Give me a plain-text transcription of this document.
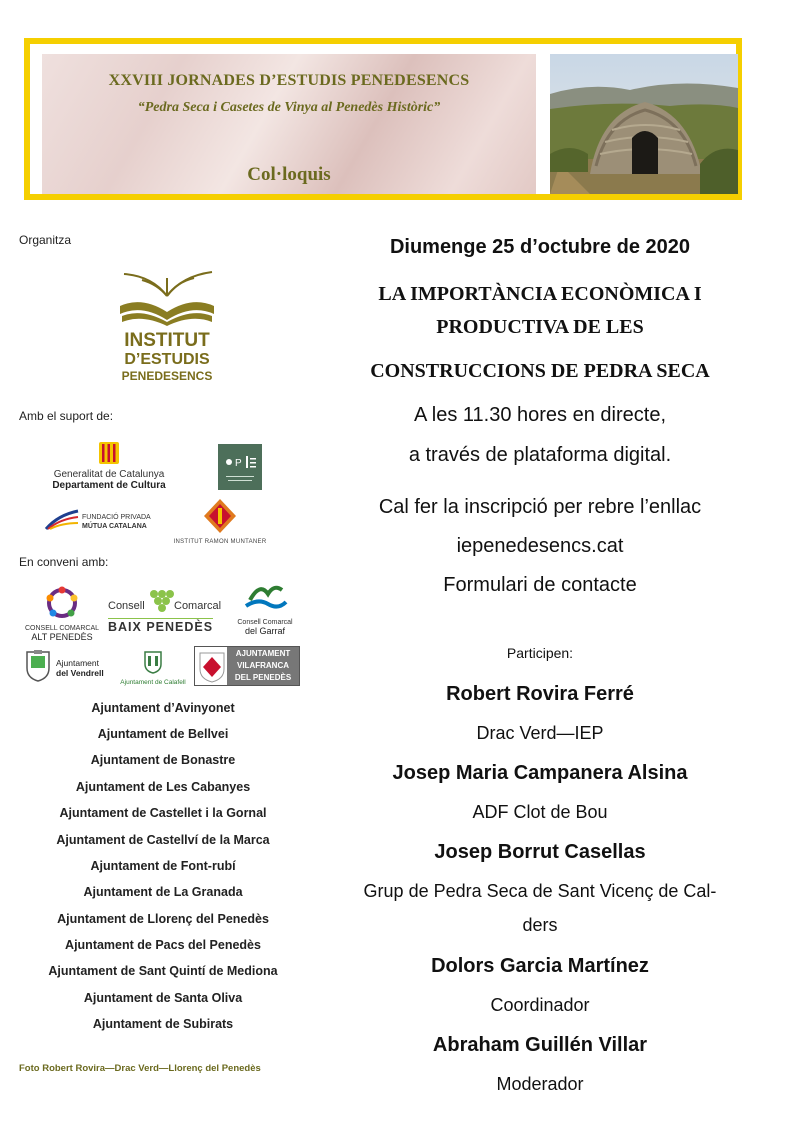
XXVIII JORNADES D’ESTUDIS PENEDESENCS
“Pedra Seca i Casetes de Vinya al Penedès Històric”
Col·loquis
Organitza
INSTITUT
D’ESTUDIS
PENEDESENCS
Amb el suport de:
Generalitat de Catalunya
Departament de Cultura
P
FUNDACIÓ PRIVADA
MÚTUA CATALANA
INSTITUT RAMON MUNTANER
En conveni amb:
CONSELL COMARCAL
ALT PENEDÈS
Consell	Comarcal
BAIX PENEDÈS	Consell Comarcal
del Garraf
Ajuntament
del Vendrell
Ajuntament de Calafell
AJUNTAMENT
VILAFRANCA
DEL PENEDÈS
Ajuntament d’Avinyonet
Ajuntament de Bellvei
Ajuntament de Bonastre
Ajuntament de Les Cabanyes
Ajuntament de Castellet i la Gornal
Ajuntament de Castellví de la Marca
Ajuntament de Font-rubí
Ajuntament de La Granada
Ajuntament de Llorenç del Penedès
Ajuntament de Pacs del Penedès
Ajuntament de Sant Quintí de Mediona
Ajuntament de Santa Oliva
Ajuntament de Subirats
Foto Robert Rovira—Drac Verd—Llorenç del Penedès
Diumenge 25 d’octubre de 2020
LA IMPORTÀNCIA ECONÒMICA I
PRODUCTIVA DE LES
CONSTRUCCIONS DE PEDRA SECA
A les 11.30 hores en directe,
a través de plataforma digital.
Cal fer la inscripció per rebre l’enllac
iepenedesencs.cat
Formulari de contacte
Participen:
Robert Rovira Ferré
Drac Verd—IEP
Josep Maria Campanera Alsina
ADF Clot de Bou
Josep Borrut Casellas
Grup de Pedra Seca de Sant Vicenç de Cal-
ders
Dolors Garcia Martínez
Coordinador
Abraham Guillén Villar
Moderador
